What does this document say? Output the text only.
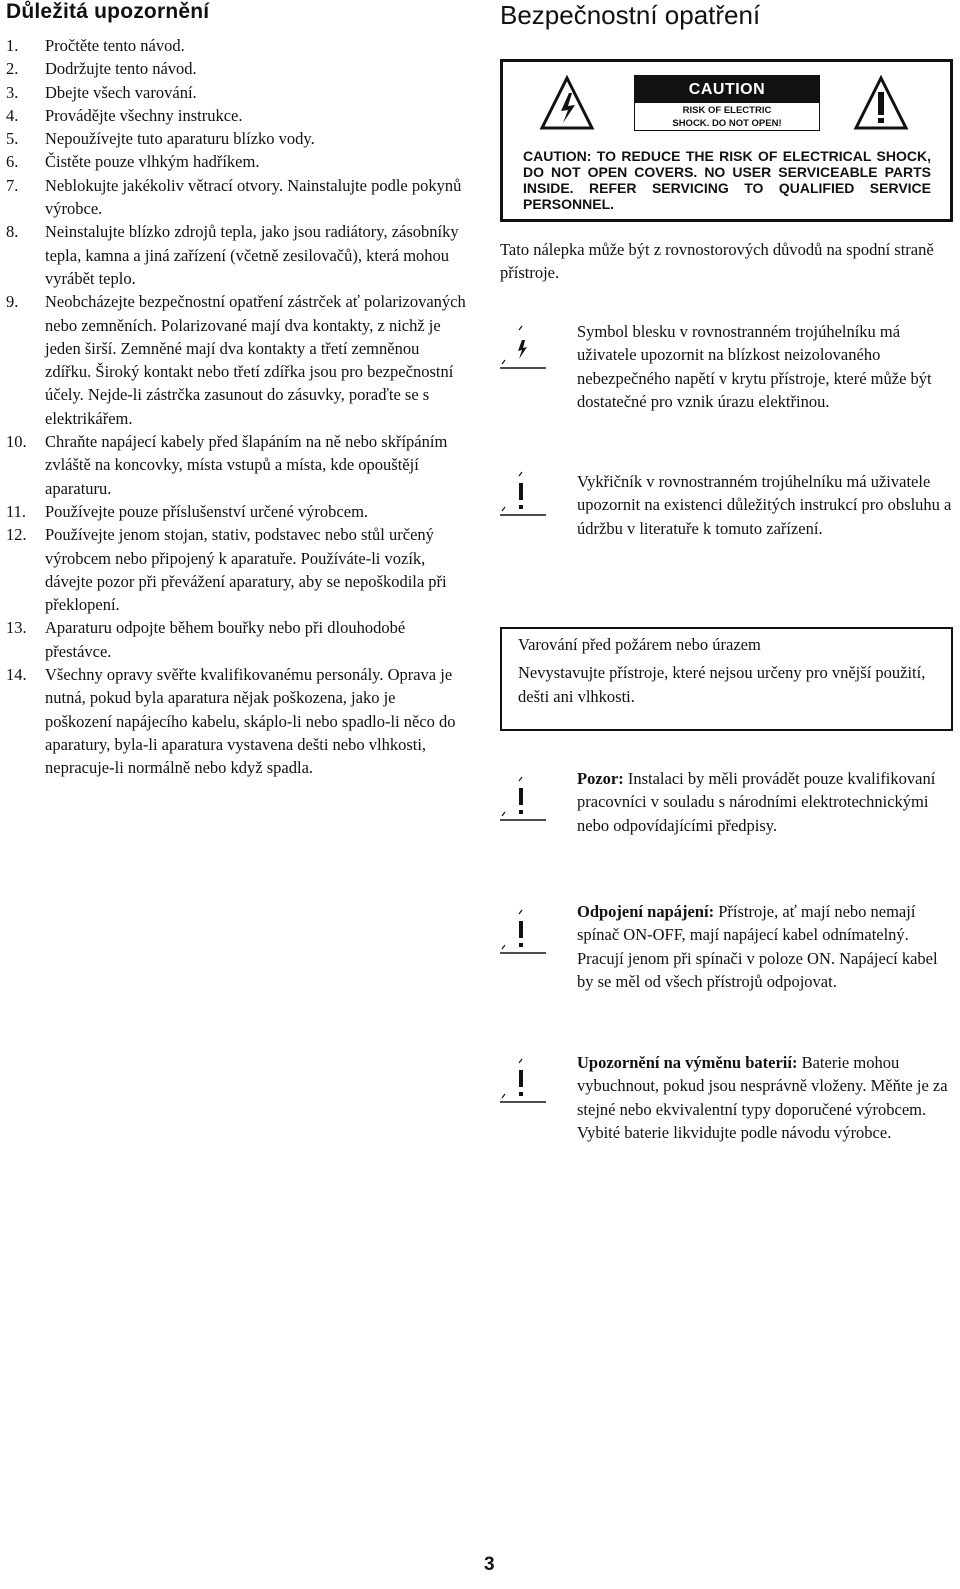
Důležitá upozornění
1. Pročtěte tento návod.
2. Dodržujte tento návod.
3. Dbejte všech varování.
4. Provádějte všechny instrukce.
5. Nepoužívejte tuto aparaturu blízko vody.
6. Čistěte pouze vlhkým hadříkem.
7. Neblokujte jakékoliv větrací otvory. Nainstalujte podle pokynů výrobce.
8. Neinstalujte blízko zdrojů tepla, jako jsou radiátory, zásobníky tepla, kamna a jiná zařízení (včetně zesilovačů), která mohou vyrábět teplo.
9. Neobcházejte bezpečnostní opatření zástrček ať polarizovaných nebo zemněních. Polarizované mají dva kontakty, z nichž je jeden širší. Zemněné mají dva kontakty a třetí zemněnou zdířku. Široký kontakt nebo třetí zdířka jsou pro bezpečnostní účely. Nejde-li zástrčka zasunout do zásuvky, poraďte se s elektrikářem.
10. Chraňte napájecí kabely před šlapáním na ně nebo skřípáním zvláště na koncovky, místa vstupů a místa, kde opouštějí aparaturu.
11. Používejte pouze příslušenství určené výrobcem.
12. Používejte jenom stojan, stativ, podstavec nebo stůl určený výrobcem nebo připojený k aparatuře. Používáte-li vozík, dávejte pozor při převážení aparatury, aby se nepoškodila při překlopení.
13. Aparaturu odpojte během bouřky nebo při dlouhodobé přestávce.
14. Všechny opravy svěřte kvalifikovanému personály. Oprava je nutná, pokud byla aparatura nějak poškozena, jako je poškození napájecího kabelu, skáplo-li nebo spadlo-li něco do aparatury, byla-li aparatura vystavena dešti nebo vlhkosti, nepracuje-li normálně nebo když spadla.
Bezpečnostní opatření
CAUTION
RISK OF ELECTRIC
SHOCK. DO NOT OPEN!
CAUTION: TO REDUCE THE RISK OF ELECTRICAL SHOCK, DO NOT OPEN COVERS. NO USER SERVICEABLE PARTS INSIDE. REFER SERVICING TO QUALIFIED SERVICE PERSONNEL.
Tato nálepka může být z rovnostorových důvodů na spodní straně přístroje.
Symbol blesku v rovnostranném trojúhelníku má uživatele upozornit na blízkost neizolovaného nebezpečného napětí v krytu přístroje, které může být dostatečné pro vznik úrazu elektřinou.
Vykřičník v rovnostranném trojúhelníku má uživatele upozornit na existenci důležitých instrukcí pro obsluhu a údržbu v literatuře k tomuto zařízení.
Varování před požárem nebo úrazem
Nevystavujte přístroje, které nejsou určeny pro vnější použití, dešti ani vlhkosti.
Pozor: Instalaci by měli provádět pouze kvalifikovaní pracovníci v souladu s národními elektrotechnickými nebo odpovídajícími předpisy.
Odpojení napájení: Přístroje, ať mají nebo nemají spínač ON-OFF, mají napájecí kabel odnímatelný. Pracují jenom při spínači v poloze ON. Napájecí kabel by se měl od všech přístrojů odpojovat.
Upozornění na výměnu baterií: Baterie mohou vybuchnout, pokud jsou nesprávně vloženy. Měňte je za stejné nebo ekvivalentní typy doporučené výrobcem. Vybité baterie likvidujte podle návodu výrobce.
3
